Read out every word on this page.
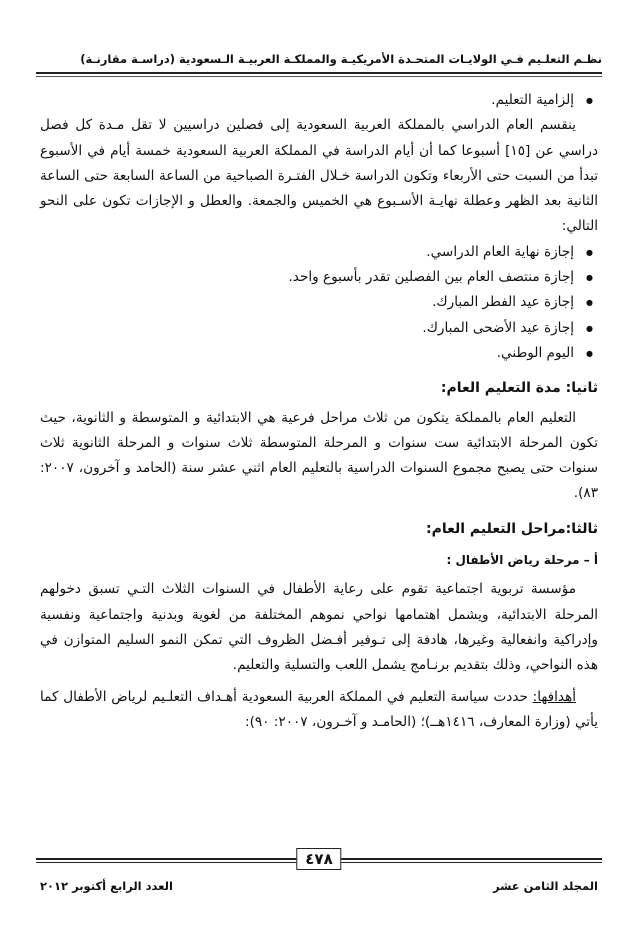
نظـم التعلـيم فـي الولايـات المتحـدة الأمريكيـة والمملكـة العربيـة الـسعودية (دراسـة مقارنـة)
● إلزامية التعليم.

ينقسم العام الدراسي بالمملكة العربية السعودية إلى فصلين دراسيين لا تقل مـدة كل فصل دراسي عن [١٥] أسبوعا كما أن أيام الدراسة في المملكة العربية السعودية خمسة أيام في الأسبوع تبدأ من السبت حتى الأربعاء وتكون الدراسة خـلال الفتـرة الصباحية من الساعة السابعة حتى الساعة الثانية بعد الظهر وعطلة نهايـة الأسـبوع هي الخميس والجمعة. والعطل و الإجازات تكون على النحو التالي:

● إجازة نهاية العام الدراسي.
● إجازة منتصف العام بين الفصلين تقدر بأسبوع واحد.
● إجازة عيد الفطر المبارك.
● إجازة عيد الأضحى المبارك.
● اليوم الوطني.
ثانيا: مدة التعليم العام:

التعليم العام بالمملكة يتكون من ثلاث مراحل فرعية هي الابتدائية و المتوسطة و الثانوية، حيث تكون المرحلة الابتدائية ست سنوات و المرحلة المتوسطة ثلاث سنوات و المرحلة الثانوية ثلاث سنوات حتى يصبح مجموع السنوات الدراسية بالتعليم العام اثني عشر سنة (الحامد و آخرون، ٢٠٠٧: ٨٣).

ثالثا:مراحل التعليم العام:
أ – مرحلة رياض الأطفال :

مؤسسة تربوية اجتماعية تقوم على رعاية الأطفال في السنوات الثلاث التـي تسبق دخولهم المرحلة الابتدائية، ويشمل اهتمامها نواحي نموهم المختلفة من لغوية وبدنية واجتماعية ونفسية وإدراكية وانفعالية وغيرها، هادفة إلى تـوفير أفـضل الظروف التي تمكن النمو السليم المتوازن في هذه النواحي، وذلك بتقديم برنـامج يشمل اللعب والتسلية والتعليم.

أهدافها: حددت سياسة التعليم في المملكة العربية السعودية أهـداف التعلـيم لرياض الأطفال كما يأتي (وزارة المعارف، ١٤١٦هــ)؛ (الحامـد و آخـرون، ٢٠٠٧: ٩٠):

٤٧٨
المجلد الثامن عشر
العدد الرابع أكتوبر ٢٠١٢
